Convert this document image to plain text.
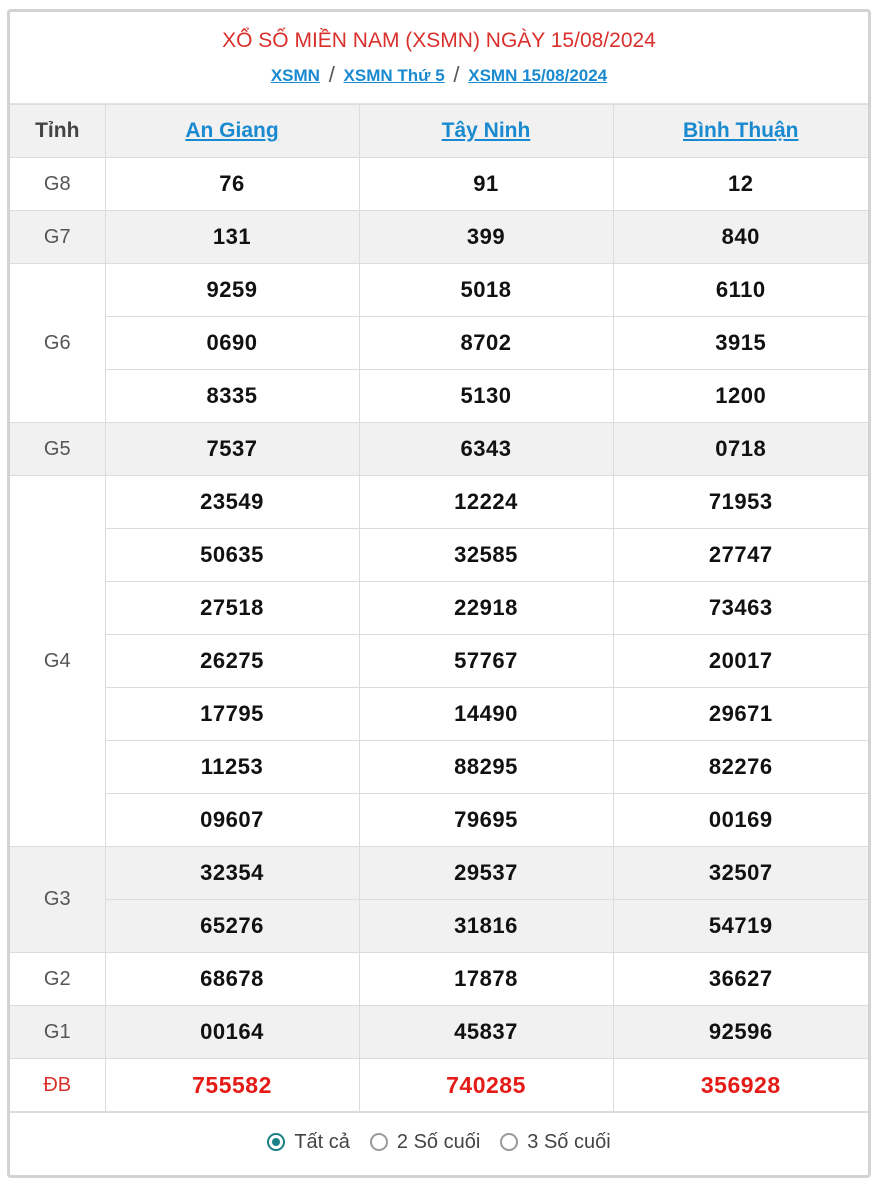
XỔ SỐ MIỀN NAM (XSMN) NGÀY 15/08/2024
XSMN / XSMN Thứ 5 / XSMN 15/08/2024
Tỉnh	An Giang	Tây Ninh	Bình Thuận
G8	76	91	12
G7	131	399	840
G6	9259	5018	6110
	0690	8702	3915
	8335	5130	1200
G5	7537	6343	0718
G4	23549	12224	71953
	50635	32585	27747
	27518	22918	73463
	26275	57767	20017
	17795	14490	29671
	11253	88295	82276
	09607	79695	00169
G3	32354	29537	32507
	65276	31816	54719
G2	68678	17878	36627
G1	00164	45837	92596
ĐB	755582	740285	356928
Tất cả 2 Số cuối 3 Số cuối
